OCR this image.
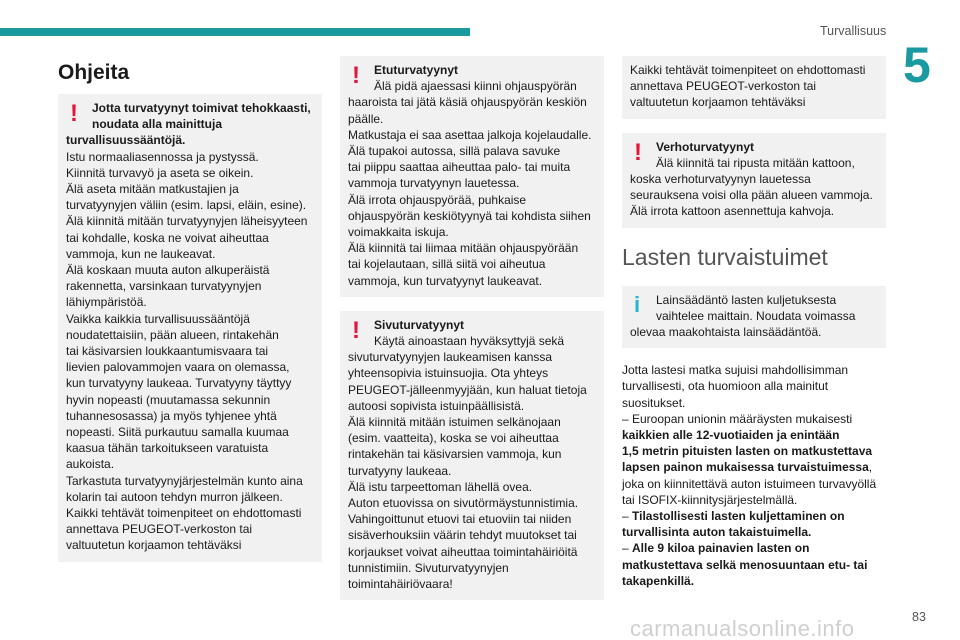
Turvallisuus
5
Ohjeita
! Jotta turvatyynyt toimivat tehokkaasti,
noudata alla mainittuja
turvallisuussääntöjä.
Istu normaaliasennossa ja pystyssä.
Kiinnitä turvavyö ja aseta se oikein.
Älä aseta mitään matkustajien ja
turvatyynyjen väliin (esim. lapsi, eläin, esine).
Älä kiinnitä mitään turvatyynyjen läheisyyteen
tai kohdalle, koska ne voivat aiheuttaa
vammoja, kun ne laukeavat.
Älä koskaan muuta auton alkuperäistä
rakennetta, varsinkaan turvatyynyjen
lähiympäristöä.
Vaikka kaikkia turvallisuussääntöjä
noudatettaisiin, pään alueen, rintakehän
tai käsivarsien loukkaantumisvaara tai
lievien palovammojen vaara on olemassa,
kun turvatyyny laukeaa. Turvatyyny täyttyy
hyvin nopeasti (muutamassa sekunnin
tuhannesosassa) ja myös tyhjenee yhtä
nopeasti. Siitä purkautuu samalla kuumaa
kaasua tähän tarkoitukseen varatuista
aukoista.
Tarkastuta turvatyynyjärjestelmän kunto aina
kolarin tai autoon tehdyn murron jälkeen.
Kaikki tehtävät toimenpiteet on ehdottomasti
annettava PEUGEOT-verkoston tai
valtuutetun korjaamon tehtäväksi
! Etuturvatyynyt
Älä pidä ajaessasi kiinni ohjauspyörän
haaroista tai jätä käsiä ohjauspyörän keskiön
päälle.
Matkustaja ei saa asettaa jalkoja kojelaudalle.
Älä tupakoi autossa, sillä palava savuke
tai piippu saattaa aiheuttaa palo- tai muita
vammoja turvatyynyn lauetessa.
Älä irrota ohjauspyörää, puhkaise
ohjauspyörän keskiötyynyä tai kohdista siihen
voimakkaita iskuja.
Älä kiinnitä tai liimaa mitään ohjauspyörään
tai kojelautaan, sillä siitä voi aiheutua
vammoja, kun turvatyynyt laukeavat.
! Sivuturvatyynyt
Käytä ainoastaan hyväksyttyjä sekä
sivuturvatyynyjen laukeamisen kanssa
yhteensopivia istuinsuojia. Ota yhteys
PEUGEOT-jälleenmyyjään, kun haluat tietoja
autoosi sopivista istuinpäällisistä.
Älä kiinnitä mitään istuimen selkänojaan
(esim. vaatteita), koska se voi aiheuttaa
rintakehän tai käsivarsien vammoja, kun
turvatyyny laukeaa.
Älä istu tarpeettoman lähellä ovea.
Auton etuovissa on sivutörmäystunnistimia.
Vahingoittunut etuovi tai etuoviin tai niiden
sisäverhouksiin väärin tehdyt muutokset tai
korjaukset voivat aiheuttaa toimintahäiriöitä
tunnistimiin. Sivuturvatyynyjen
toimintahäiriövaara!
Kaikki tehtävät toimenpiteet on ehdottomasti
annettava PEUGEOT-verkoston tai
valtuutetun korjaamon tehtäväksi
! Verhoturvatyynyt
Älä kiinnitä tai ripusta mitään kattoon,
koska verhoturvatyynyn lauetessa
seurauksena voisi olla pään alueen vammoja.
Älä irrota kattoon asennettuja kahvoja.
Lasten turvaistuimet
i Lainsäädäntö lasten kuljetuksesta
vaihtelee maittain. Noudata voimassa
olevaa maakohtaista lainsäädäntöä.
Jotta lastesi matka sujuisi mahdollisimman
turvallisesti, ota huomioon alla mainitut
suositukset.
– Euroopan unionin määräysten mukaisesti
kaikkien alle 12-vuotiaiden ja enintään
1,5 metrin pituisten lasten on matkustettava
lapsen painon mukaisessa turvaistuimessa,
joka on kiinnitettävä auton istuimeen turvavyöllä
tai ISOFIX-kiinnitysjärjestelmällä.
– Tilastollisesti lasten kuljettaminen on
turvallisinta auton takaistuimella.
– Alle 9 kiloa painavien lasten on
matkustettava selkä menosuuntaan etu- tai
takapenkillä.
carmanualsonline.info	83
